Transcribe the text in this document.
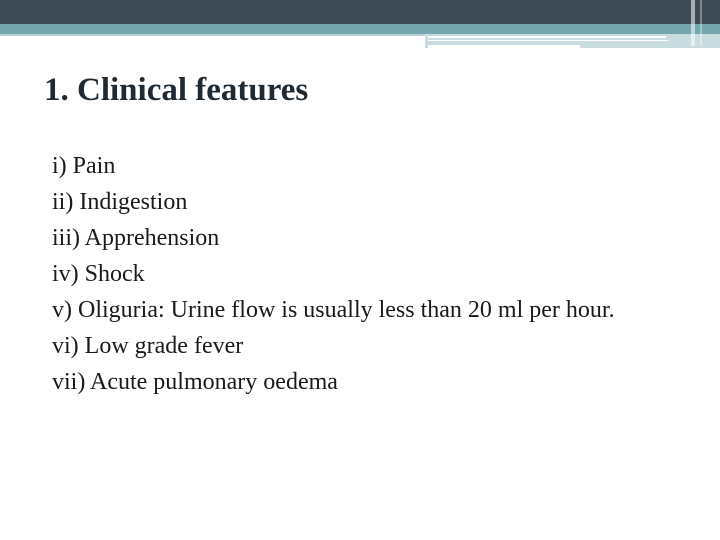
1. Clinical features
i) Pain
ii) Indigestion
iii) Apprehension
iv) Shock
v) Oliguria: Urine flow is usually less than 20 ml per hour.
vi) Low grade fever
vii) Acute pulmonary oedema
